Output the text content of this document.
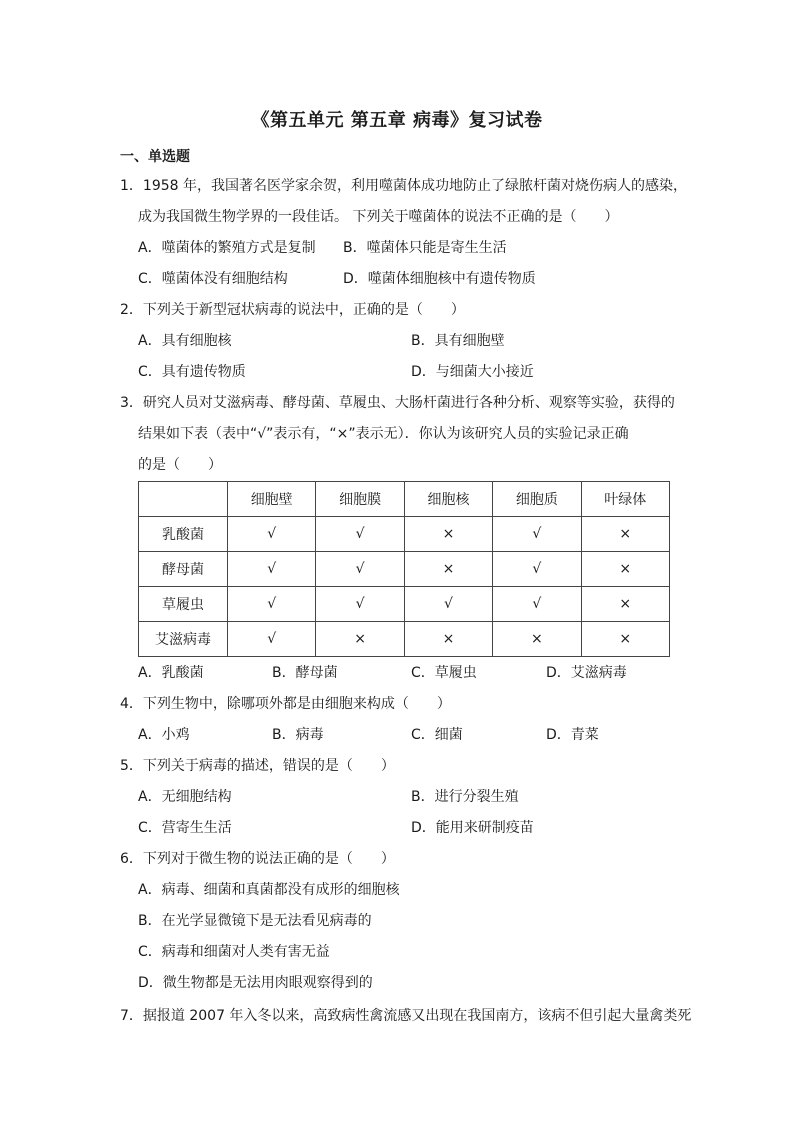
《第五单元 第五章 病毒》复习试卷
一、单选题
1．1958 年，我国著名医学家余贺，利用噬菌体成功地防止了绿脓杆菌对烧伤病人的感染，
成为我国微生物学界的一段佳话。 下列关于噬菌体的说法不正确的是（　　）
A．噬菌体的繁殖方式是复制 B．噬菌体只能是寄生生活
C．噬菌体没有细胞结构	D．噬菌体细胞核中有遗传物质
2．下列关于新型冠状病毒的说法中，正确的是（　　）
A．具有细胞核	B．具有细胞壁
C．具有遗传物质	D．与细菌大小接近
3．研究人员对艾滋病毒、酵母菌、草履虫、大肠杆菌进行各种分析、观察等实验，获得的
结果如下表（表中“√”表示有，“×”表示无）．你认为该研究人员的实验记录正确
的是（　　）
	细胞壁	细胞膜	细胞核	细胞质	叶绿体
乳酸菌	√	√	×	√	×
酵母菌	√	√	×	√	×
草履虫	√	√	√	√	×
艾滋病毒	√	×	×	×	×
A．乳酸菌	B．酵母菌	C．草履虫	D．艾滋病毒
4．下列生物中，除哪项外都是由细胞来构成（　　）
A．小鸡	B．病毒	C．细菌	D．青菜
5．下列关于病毒的描述，错误的是（　　）
A．无细胞结构	B．进行分裂生殖
C．营寄生生活	D．能用来研制疫苗
6．下列对于微生物的说法正确的是（　　）
A．病毒、细菌和真菌都没有成形的细胞核
B．在光学显微镜下是无法看见病毒的
C．病毒和细菌对人类有害无益
D．微生物都是无法用肉眼观察得到的
7．据报道 2007 年入冬以来，高致病性禽流感又出现在我国南方，该病不但引起大量禽类死
